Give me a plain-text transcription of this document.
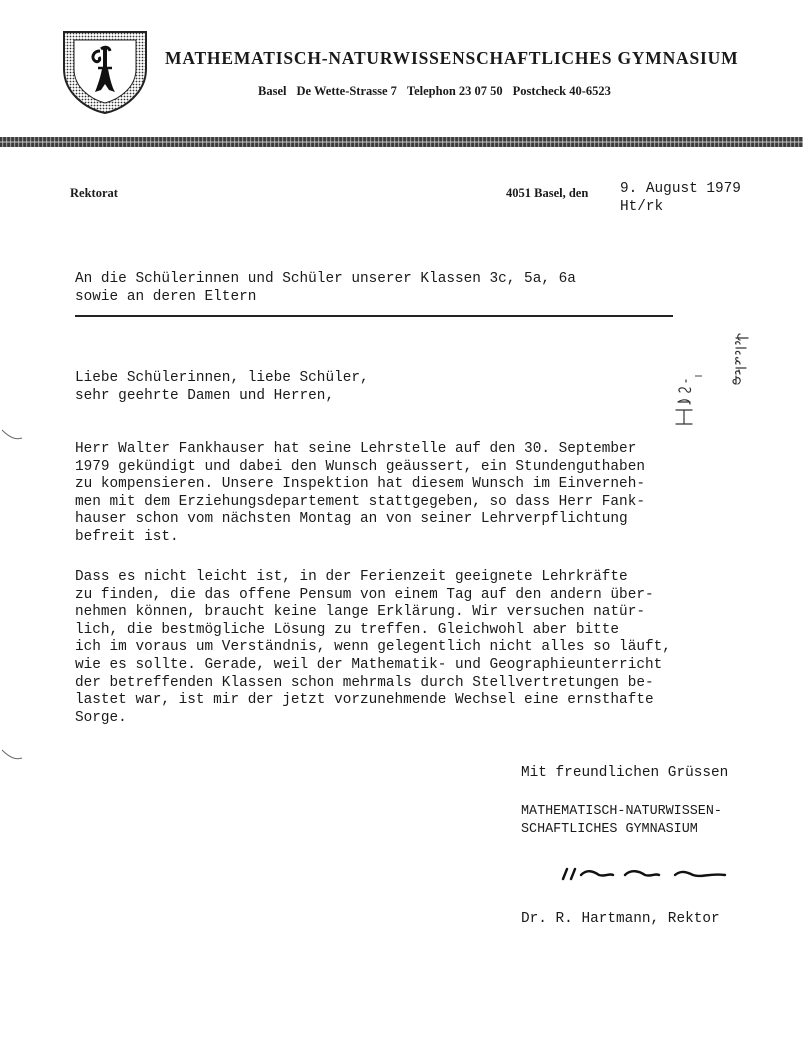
MATHEMATISCH-NATURWISSENSCHAFTLICHES GYMNASIUM
Basel De Wette-Strasse 7 Telephon 23 07 50 Postcheck 40-6523
Rektorat	4051 Basel, den 9. August 1979
Ht/rk
An die Schülerinnen und Schüler unserer Klassen 3c, 5a, 6a
sowie an deren Eltern
Liebe Schülerinnen, liebe Schüler,
sehr geehrte Damen und Herren,
Herr Walter Fankhauser hat seine Lehrstelle auf den 30. September
1979 gekündigt und dabei den Wunsch geäussert, ein Stundenguthaben
zu kompensieren. Unsere Inspektion hat diesem Wunsch im Einverneh-
men mit dem Erziehungsdepartement stattgegeben, so dass Herr Fank-
hauser schon vom nächsten Montag an von seiner Lehrverpflichtung
befreit ist.
Dass es nicht leicht ist, in der Ferienzeit geeignete Lehrkräfte
zu finden, die das offene Pensum von einem Tag auf den andern über-
nehmen können, braucht keine lange Erklärung. Wir versuchen natür-
lich, die bestmögliche Lösung zu treffen. Gleichwohl aber bitte
ich im voraus um Verständnis, wenn gelegentlich nicht alles so läuft,
wie es sollte. Gerade, weil der Mathematik- und Geographieunterricht
der betreffenden Klassen schon mehrmals durch Stellvertretungen be-
lastet war, ist mir der jetzt vorzunehmende Wechsel eine ernsthafte
Sorge.
Mit freundlichen Grüssen
MATHEMATISCH-NATURWISSEN-
SCHAFTLICHES GYMNASIUM
Dr. R. Hartmann, Rektor
